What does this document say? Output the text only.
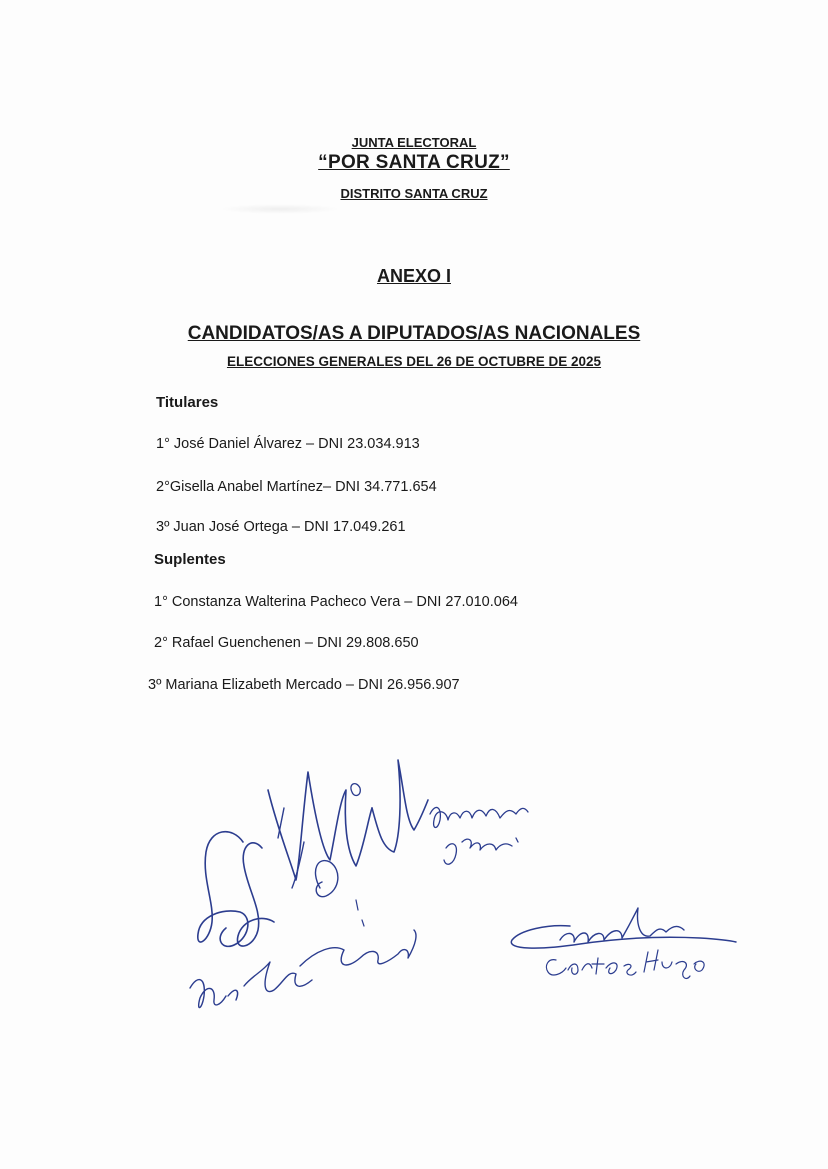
JUNTA ELECTORAL
“POR SANTA CRUZ”
DISTRITO SANTA CRUZ
ANEXO I
CANDIDATOS/AS A DIPUTADOS/AS NACIONALES
ELECCIONES GENERALES DEL 26 DE OCTUBRE DE 2025
Titulares
1° José Daniel Álvarez – DNI 23.034.913
2°Gisella Anabel Martínez– DNI 34.771.654
3º Juan José Ortega – DNI 17.049.261
Suplentes
1° Constanza Walterina Pacheco Vera – DNI 27.010.064
2° Rafael Guenchenen – DNI 29.808.650
3º Mariana Elizabeth Mercado – DNI 26.956.907
